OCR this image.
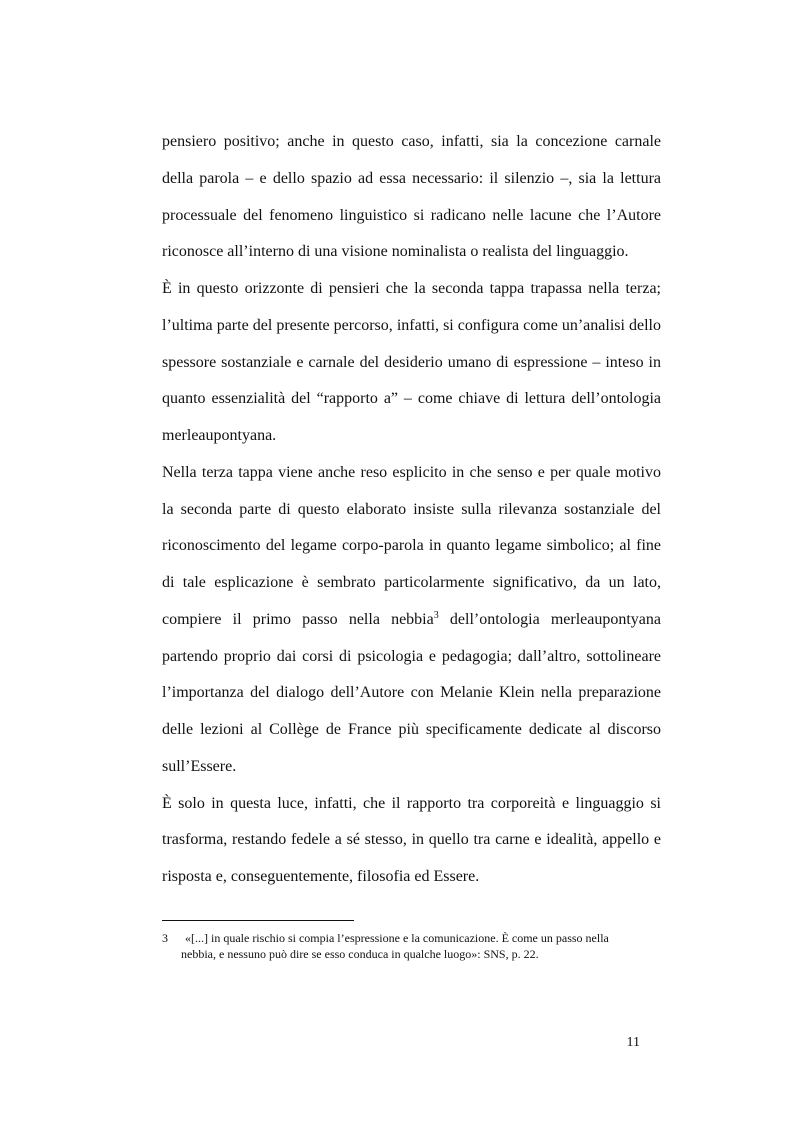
pensiero positivo; anche in questo caso, infatti, sia la concezione carnale
della parola – e dello spazio ad essa necessario: il silenzio –, sia la lettura
processuale del fenomeno linguistico si radicano nelle lacune che l’Autore
riconosce all’interno di una visione nominalista o realista del linguaggio.
È in questo orizzonte di pensieri che la seconda tappa trapassa nella terza;
l’ultima parte del presente percorso, infatti, si configura come un’analisi dello
spessore sostanziale e carnale del desiderio umano di espressione – inteso in
quanto essenzialità del “rapporto a” – come chiave di lettura dell’ontologia
merleaupontyana.
Nella terza tappa viene anche reso esplicito in che senso e per quale motivo
la seconda parte di questo elaborato insiste sulla rilevanza sostanziale del
riconoscimento del legame corpo-parola in quanto legame simbolico; al fine
di tale esplicazione è sembrato particolarmente significativo, da un lato,
compiere il primo passo nella nebbia$^3$ dell’ontologia merleaupontyana
partendo proprio dai corsi di psicologia e pedagogia; dall’altro, sottolineare
l’importanza del dialogo dell’Autore con Melanie Klein nella preparazione
delle lezioni al Collège de France più specificamente dedicate al discorso
sull’Essere.
È solo in questa luce, infatti, che il rapporto tra corporeità e linguaggio si
trasforma, restando fedele a sé stesso, in quello tra carne e idealità, appello e
risposta e, conseguentemente, filosofia ed Essere.
3 «[...] in quale rischio si compia l’espressione e la comunicazione. È come un passo nella
nebbia, e nessuno può dire se esso conduca in qualche luogo»: SNS, p. 22.
11
